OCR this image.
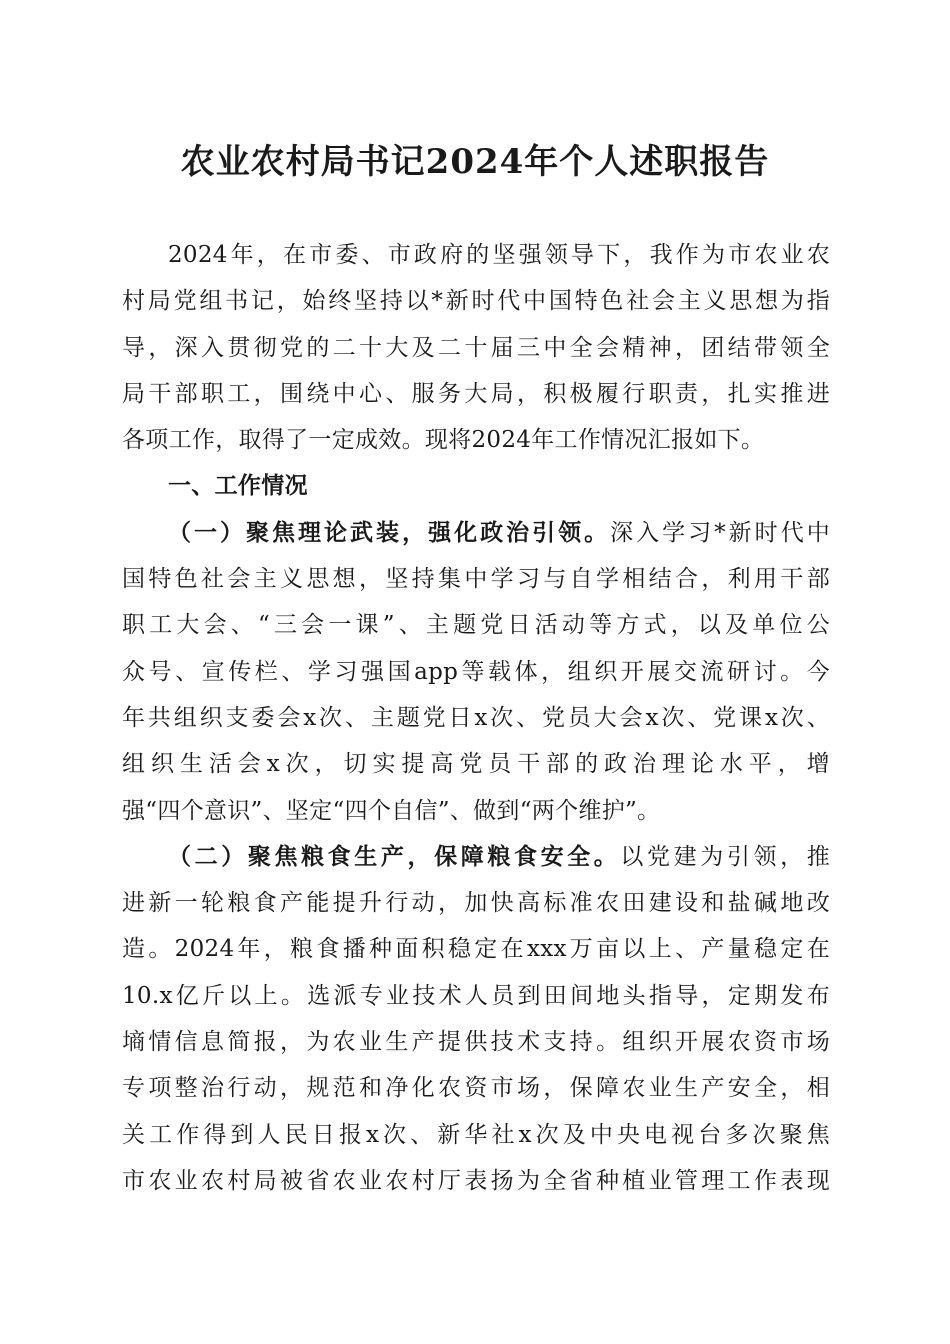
农业农村局书记2024年个人述职报告
2024年，在市委、市政府的坚强领导下，我作为市农业农
村局党组书记，始终坚持以*新时代中国特色社会主义思想为指
导，深入贯彻党的二十大及二十届三中全会精神，团结带领全
局干部职工，围绕中心、服务大局，积极履行职责，扎实推进
各项工作，取得了一定成效。现将2024年工作情况汇报如下。
一、工作情况
（一）聚焦理论武装，强化政治引领。深入学习*新时代中
国特色社会主义思想，坚持集中学习与自学相结合，利用干部
职工大会、“三会一课”、主题党日活动等方式，以及单位公
众号、宣传栏、学习强国app等载体，组织开展交流研讨。今
年共组织支委会x次、主题党日x次、党员大会x次、党课x次、
组织生活会x次，切实提高党员干部的政治理论水平，增
强“四个意识”、坚定“四个自信”、做到“两个维护”。
（二）聚焦粮食生产，保障粮食安全。以党建为引领，推
进新一轮粮食产能提升行动，加快高标准农田建设和盐碱地改
造。2024年，粮食播种面积稳定在xxx万亩以上、产量稳定在
10.x亿斤以上。选派专业技术人员到田间地头指导，定期发布
墒情信息简报，为农业生产提供技术支持。组织开展农资市场
专项整治行动，规范和净化农资市场，保障农业生产安全，相
关工作得到人民日报x次、新华社x次及中央电视台多次聚焦
市农业农村局被省农业农村厅表扬为全省种植业管理工作表现
